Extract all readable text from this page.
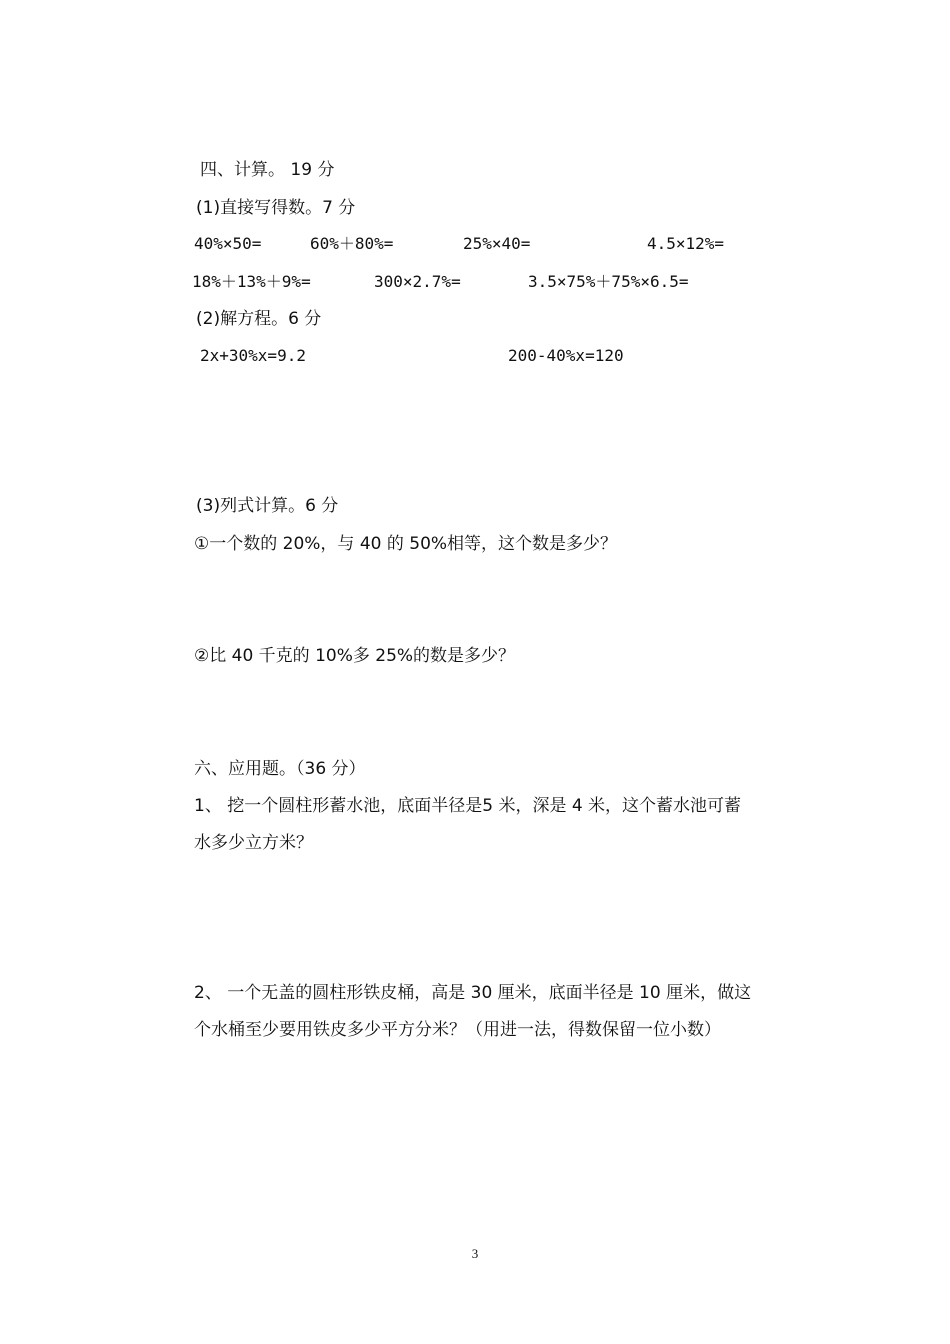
四、计算。 19 分
(1)直接写得数。7 分
40%×50=	60%＋80%=	25%×40=	4.5×12%=
18%＋13%＋9%=	300×2.7%=	3.5×75%＋75%×6.5=
(2)解方程。6 分
2x+30%x=9.2	200-40%x=120
(3)列式计算。6 分
①一个数的 20%，与 40 的 50%相等，这个数是多少？
②比 40 千克的 10%多 25%的数是多少？
六、应用题。（36 分）
1、 挖一个圆柱形蓄水池，底面半径是5 米，深是 4 米，这个蓄水池可蓄
水多少立方米？
2、 一个无盖的圆柱形铁皮桶，高是 30 厘米，底面半径是 10 厘米，做这
个水桶至少要用铁皮多少平方分米？（用进一法，得数保留一位小数）
3
